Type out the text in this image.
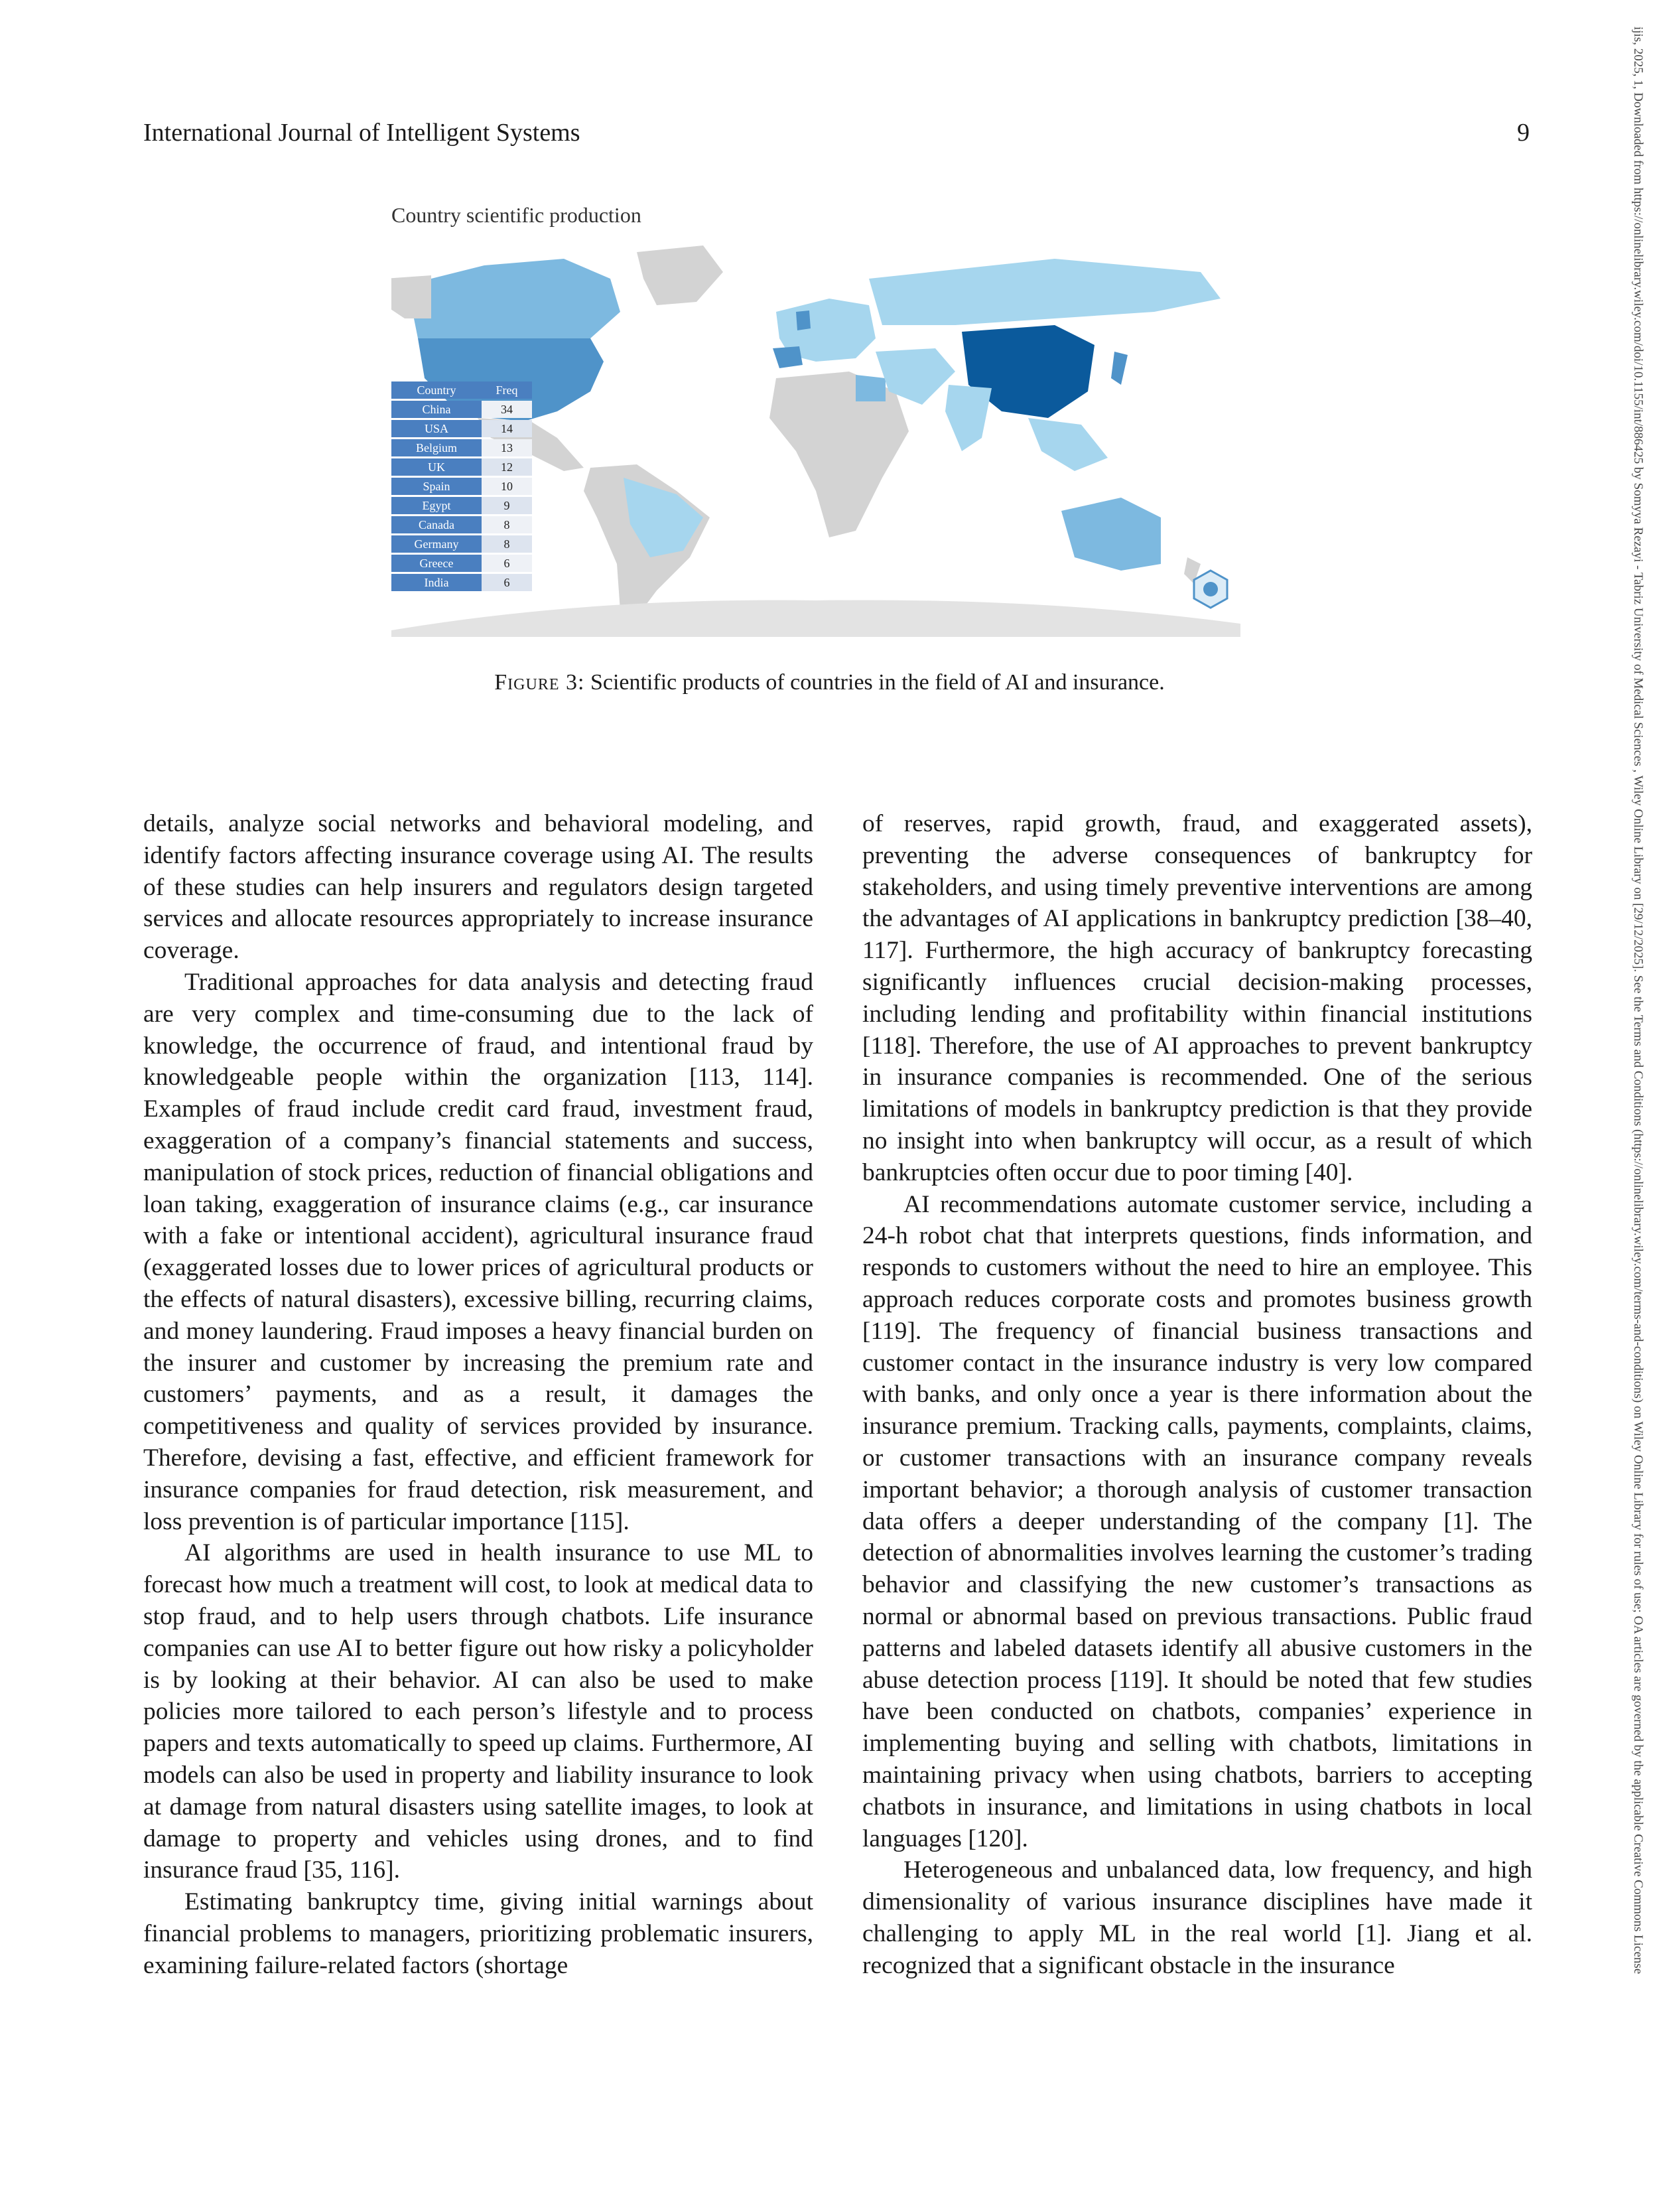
International Journal of Intelligent Systems	9
Country scientific production
Country	Freq
China	34
USA	14
Belgium	13
UK	12
Spain	10
Egypt	9
Canada	8
Germany	8
Greece	6
India	6
Figure 3: Scientific products of countries in the field of AI and insurance.

details, analyze social networks and behavioral modeling, and identify factors affecting insurance coverage using AI. The results of these studies can help insurers and regulators design targeted services and allocate resources appropriately to increase insurance coverage.

Traditional approaches for data analysis and detecting fraud are very complex and time-consuming due to the lack of knowledge, the occurrence of fraud, and intentional fraud by knowledgeable people within the organization [113, 114]. Examples of fraud include credit card fraud, investment fraud, exaggeration of a company’s financial statements and success, manipulation of stock prices, reduction of financial obligations and loan taking, exaggeration of insurance claims (e.g., car insurance with a fake or intentional accident), agricultural insurance fraud (exaggerated losses due to lower prices of agricultural products or the effects of natural disasters), excessive billing, recurring claims, and money laundering. Fraud imposes a heavy financial burden on the insurer and customer by increasing the premium rate and customers’ payments, and as a result, it damages the competitiveness and quality of services provided by insurance. Therefore, devising a fast, effective, and efficient framework for insurance companies for fraud detection, risk measurement, and loss prevention is of particular importance [115].

AI algorithms are used in health insurance to use ML to forecast how much a treatment will cost, to look at medical data to stop fraud, and to help users through chatbots. Life insurance companies can use AI to better figure out how risky a policyholder is by looking at their behavior. AI can also be used to make policies more tailored to each person’s lifestyle and to process papers and texts automatically to speed up claims. Furthermore, AI models can also be used in property and liability insurance to look at damage from natural disasters using satellite images, to look at damage to property and vehicles using drones, and to find insurance fraud [35, 116].

Estimating bankruptcy time, giving initial warnings about financial problems to managers, prioritizing problematic insurers, examining failure-related factors (shortage

of reserves, rapid growth, fraud, and exaggerated assets), preventing the adverse consequences of bankruptcy for stakeholders, and using timely preventive interventions are among the advantages of AI applications in bankruptcy prediction [38–40, 117]. Furthermore, the high accuracy of bankruptcy forecasting significantly influences crucial decision-making processes, including lending and profitability within financial institutions [118]. Therefore, the use of AI approaches to prevent bankruptcy in insurance companies is recommended. One of the serious limitations of models in bankruptcy prediction is that they provide no insight into when bankruptcy will occur, as a result of which bankruptcies often occur due to poor timing [40].

AI recommendations automate customer service, including a 24-h robot chat that interprets questions, finds information, and responds to customers without the need to hire an employee. This approach reduces corporate costs and promotes business growth [119]. The frequency of financial business transactions and customer contact in the insurance industry is very low compared with banks, and only once a year is there information about the insurance premium. Tracking calls, payments, complaints, claims, or customer transactions with an insurance company reveals important behavior; a thorough analysis of customer transaction data offers a deeper understanding of the company [1]. The detection of abnormalities involves learning the customer’s trading behavior and classifying the new customer’s transactions as normal or abnormal based on previous transactions. Public fraud patterns and labeled datasets identify all abusive customers in the abuse detection process [119]. It should be noted that few studies have been conducted on chatbots, companies’ experience in implementing buying and selling with chatbots, limitations in maintaining privacy when using chatbots, barriers to accepting chatbots in insurance, and limitations in using chatbots in local languages [120].

Heterogeneous and unbalanced data, low frequency, and high dimensionality of various insurance disciplines have made it challenging to apply ML in the real world [1]. Jiang et al. recognized that a significant obstacle in the insurance	ijis, 2025, 1, Downloaded from https://onlinelibrary.wiley.com/doi/10.1155/int/886425 by Somyya Rezayi - Tabriz University of Medical Sciences , Wiley Online Library on [29/12/2025]. See the Terms and Conditions (https://onlinelibrary.wiley.com/terms-and-conditions) on Wiley Online Library for rules of use; OA articles are governed by the applicable Creative Commons License
